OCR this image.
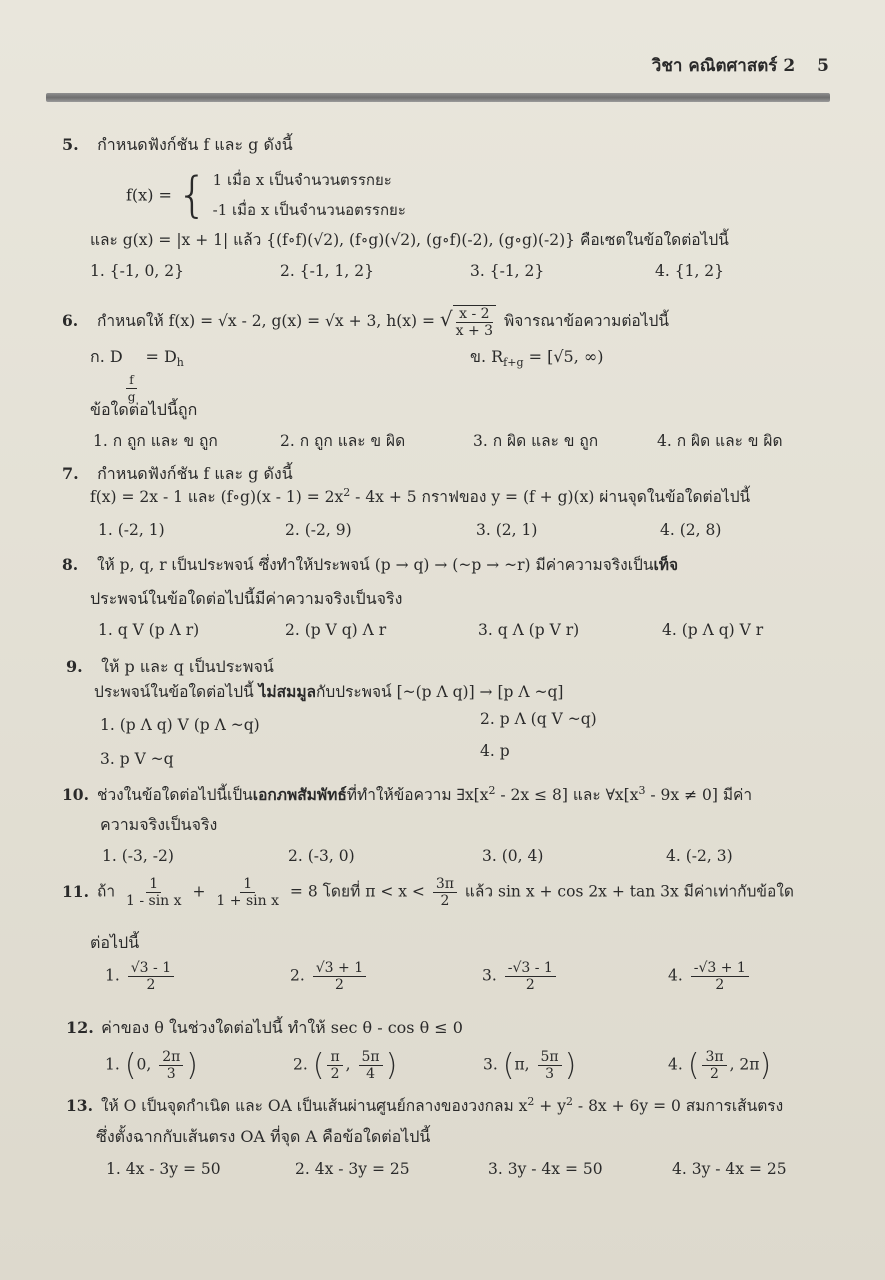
วิชา คณิตศาสตร์ 2 5
5. กำหนดฟังก์ชัน f และ g ดังนี้
f(x) = { 1 เมื่อ x เป็นจำนวนตรรกยะ
-1 เมื่อ x เป็นจำนวนอตรรกยะ
และ g(x) = |x + 1| แล้ว {(f∘f)(√2), (f∘g)(√2), (g∘f)(-2), (g∘g)(-2)} คือเซตในข้อใดต่อไปนี้
1. {-1, 0, 2}	2. {-1, 1, 2}	3. {-1, 2}	4. {1, 2}
6. กำหนดให้ f(x) = √x - 2, g(x) = √x + 3, h(x) = √ $\frac{x - 2}{x + 3}$ พิจารณาข้อความต่อไปนี้
ก. D
$\frac{f}{g}$
= $D_h$	ข. $R_{f+g} = [√5$, ∞)
ข้อใดต่อไปนี้ถูก
1. ก ถูก และ ข ถูก	2. ก ถูก และ ข ผิด	3. ก ผิด และ ข ถูก	4. ก ผิด และ ข ผิด
7. กำหนดฟังก์ชัน f และ g ดังนี้
f(x) = 2x - 1 และ (f∘g)(x - $1) = 2x^2 - 4x + 5$ กราฟของ y = (f + g)(x) ผ่านจุดในข้อใดต่อไปนี้
1. (-2, 1)	2. (-2, 9)	3. (2, 1)	4. (2, 8)
8. ให้ p, q, r เป็นประพจน์ ซึ่งทำให้ประพจน์ (p → q) → (~p → ~r) มีค่าความจริงเป็นเท็จ
ประพจน์ในข้อใดต่อไปนี้มีค่าความจริงเป็นจริง
1. q V (p Λ r)	2. (p V q) Λ r	3. q Λ (p V r)	4. (p Λ q) V r
9. ให้ p และ q เป็นประพจน์
ประพจน์ในข้อใดต่อไปนี้ ไม่สมมูลกับประพจน์ [~(p Λ q)] → [p Λ ~q]
1. (p Λ q) V (p Λ ~q)	2. p Λ (q V ~q)
3. p V ~q	4. p
10. ช่วงในข้อใดต่อไปนี้เป็นเอกภพสัมพัทธ์ที่ทำให้ข้อความ $\exists x[x^2 - 2x \le 8]$ และ $\forall x[x^3 - 9x \ne 0]$ มีค่า
ความจริงเป็นจริง
1. (-3, -2)	2. (-3, 0)	3. (0, 4)	4. (-2, 3)
11. ถ้า $\frac{1}{\text{1 - sin x}} + \frac{1}{\text{1 + sin x}} = 8$ โดยที่ $\pi < x < \frac{3\pi}{2}$ แล้ว sin x + cos 2x + tan 3x มีค่าเท่ากับข้อใด
ต่อไปนี้
1. $\frac{√3 - 1}{2}$	2. $\frac{√3 + 1}{2}$	3. $\frac{-√3 - 1}{2}$	4. $\frac{-√3 + 1}{2}$
12. ค่าของ θ ในช่วงใดต่อไปนี้ ทำให้ sec θ - cos θ ≤ 0
1. (0, $\frac{2\pi}{3}$ )	2. ( $\frac{\pi}{2}$ , $\frac{5\pi}{4}$ )	3. (π, $\frac{5\pi}{3}$ )	4. ( $\frac{3\pi}{2}$ , 2π)
13. ให้ O เป็นจุดกำเนิด และ OA เป็นเส้นผ่านศูนย์กลางของวงกลม $x^2 + y^2 - 8x + 6y = 0$ สมการเส้นตรง
ซึ่งตั้งฉากกับเส้นตรง OA ที่จุด A คือข้อใดต่อไปนี้
1. 4x - 3y = 50	2. 4x - 3y = 25	3. 3y - 4x = 50	4. 3y - 4x = 25
